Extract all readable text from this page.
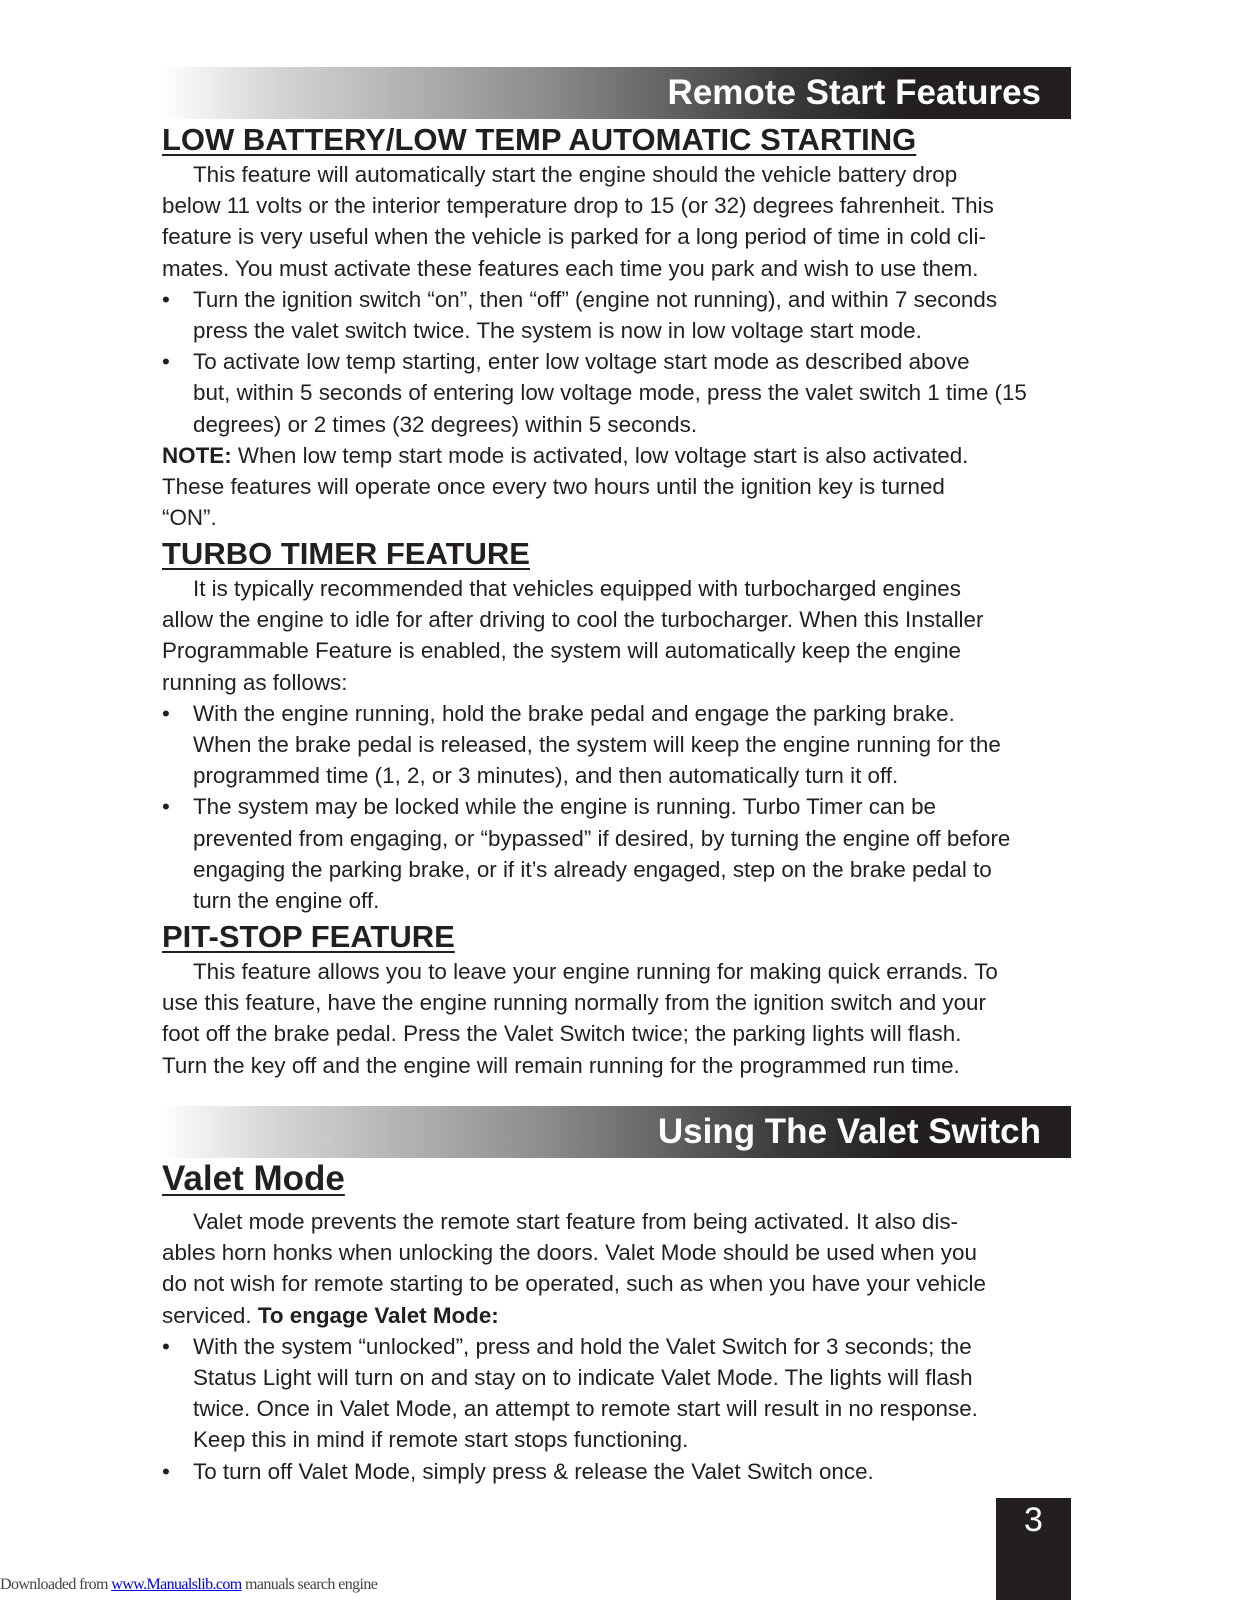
Remote Start Features
LOW BATTERY/LOW TEMP AUTOMATIC STARTING
This feature will automatically start the engine should the vehicle battery drop
below 11 volts or the interior temperature drop to 15 (or 32) degrees fahrenheit. This
feature is very useful when the vehicle is parked for a long period of time in cold cli-
mates. You must activate these features each time you park and wish to use them.
• Turn the ignition switch “on”, then “off” (engine not running), and within 7 seconds
press the valet switch twice. The system is now in low voltage start mode.
• To activate low temp starting, enter low voltage start mode as described above
but, within 5 seconds of entering low voltage mode, press the valet switch 1 time (15
degrees) or 2 times (32 degrees) within 5 seconds.
NOTE: When low temp start mode is activated, low voltage start is also activated.
These features will operate once every two hours until the ignition key is turned
“ON”.
TURBO TIMER FEATURE
It is typically recommended that vehicles equipped with turbocharged engines
allow the engine to idle for after driving to cool the turbocharger. When this Installer
Programmable Feature is enabled, the system will automatically keep the engine
running as follows:
• With the engine running, hold the brake pedal and engage the parking brake.
When the brake pedal is released, the system will keep the engine running for the
programmed time (1, 2, or 3 minutes), and then automatically turn it off.
• The system may be locked while the engine is running. Turbo Timer can be
prevented from engaging, or “bypassed” if desired, by turning the engine off before
engaging the parking brake, or if it’s already engaged, step on the brake pedal to
turn the engine off.
PIT-STOP FEATURE
This feature allows you to leave your engine running for making quick errands. To
use this feature, have the engine running normally from the ignition switch and your
foot off the brake pedal. Press the Valet Switch twice; the parking lights will flash.
Turn the key off and the engine will remain running for the programmed run time.
Using The Valet Switch
Valet Mode
Valet mode prevents the remote start feature from being activated. It also dis-
ables horn honks when unlocking the doors. Valet Mode should be used when you
do not wish for remote starting to be operated, such as when you have your vehicle
serviced. To engage Valet Mode:
• With the system “unlocked”, press and hold the Valet Switch for 3 seconds; the
Status Light will turn on and stay on to indicate Valet Mode. The lights will flash
twice. Once in Valet Mode, an attempt to remote start will result in no response.
Keep this in mind if remote start stops functioning.
• To turn off Valet Mode, simply press & release the Valet Switch once.
3
Downloaded from www.Manualslib.com manuals search engine
